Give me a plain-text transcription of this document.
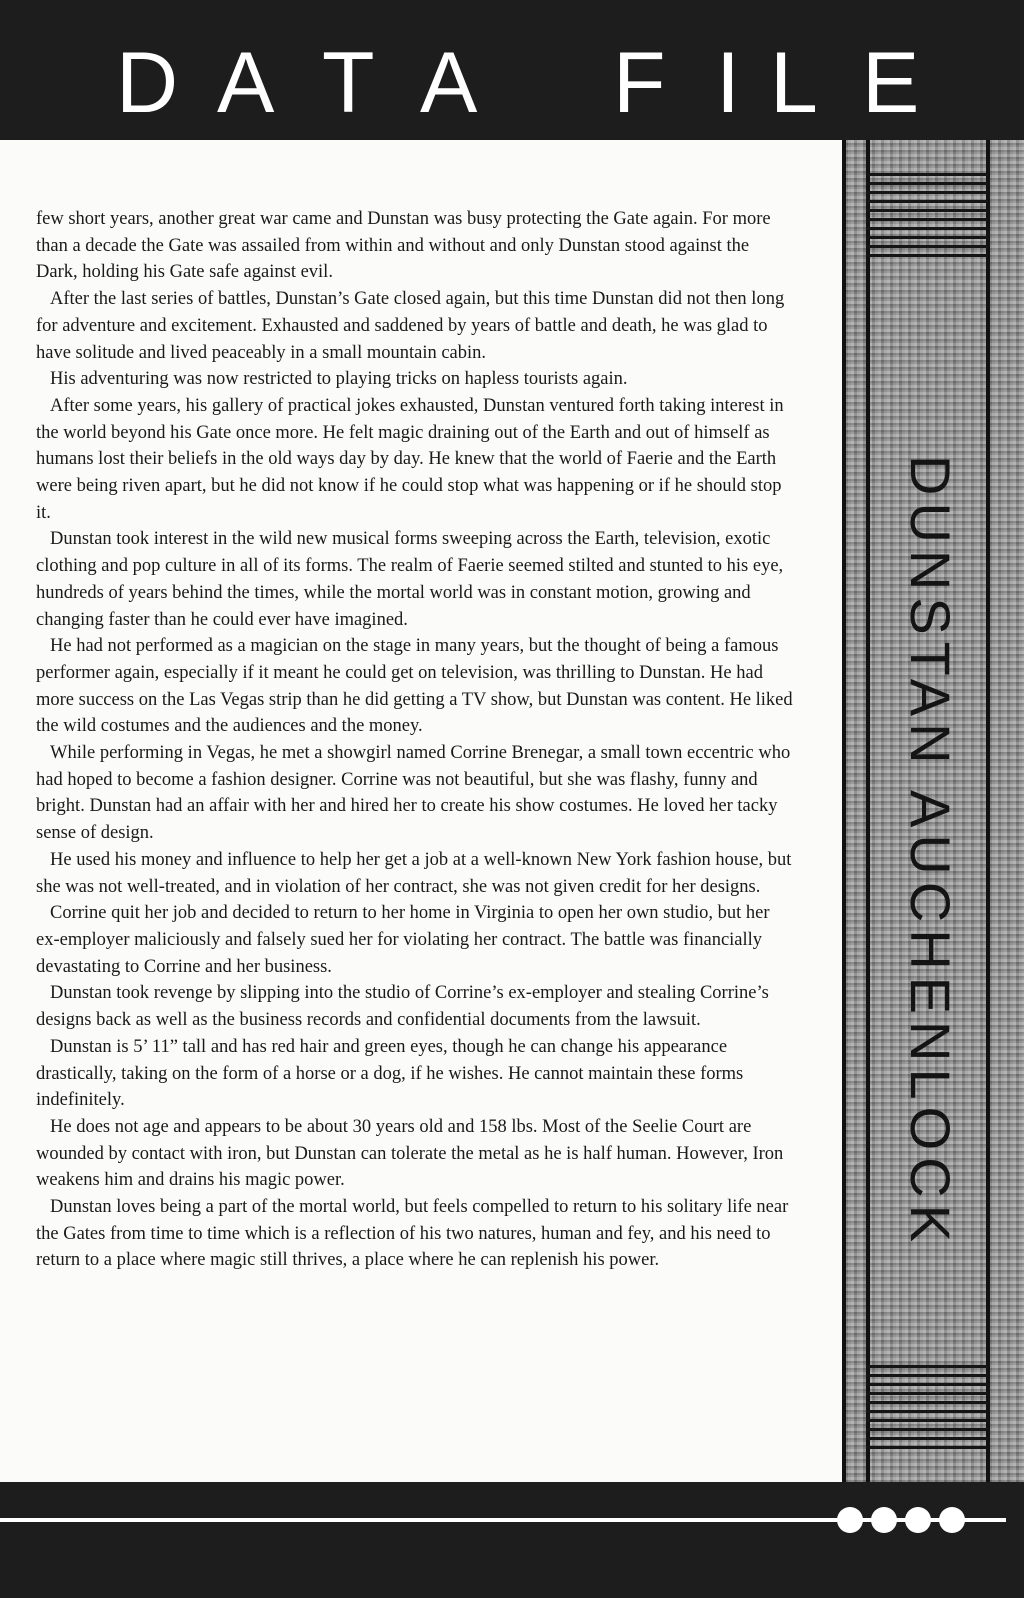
D A T A F I L E
DUNSTAN AUCHENLOCK

few short years, another great war came and Dunstan was busy protecting the Gate again. For more than a decade the Gate was assailed from within and without and only Dunstan stood against the Dark, holding his Gate safe against evil.

After the last series of battles, Dunstan’s Gate closed again, but this time Dunstan did not then long for adventure and excitement. Exhausted and saddened by years of battle and death, he was glad to have solitude and lived peaceably in a small mountain cabin.

His adventuring was now restricted to playing tricks on hapless tourists again.

After some years, his gallery of practical jokes exhausted, Dunstan ventured forth taking interest in the world beyond his Gate once more. He felt magic draining out of the Earth and out of himself as humans lost their beliefs in the old ways day by day. He knew that the world of Faerie and the Earth were being riven apart, but he did not know if he could stop what was happening or if he should stop it.

Dunstan took interest in the wild new musical forms sweeping across the Earth, television, exotic clothing and pop culture in all of its forms. The realm of Faerie seemed stilted and stunted to his eye, hundreds of years behind the times, while the mortal world was in constant motion, growing and changing faster than he could ever have imagined.

He had not performed as a magician on the stage in many years, but the thought of being a famous performer again, especially if it meant he could get on television, was thrilling to Dunstan. He had more success on the Las Vegas strip than he did getting a TV show, but Dunstan was content. He liked the wild costumes and the audiences and the money.

While performing in Vegas, he met a showgirl named Corrine Brenegar, a small town eccentric who had hoped to become a fashion designer. Corrine was not beautiful, but she was flashy, funny and bright. Dunstan had an affair with her and hired her to create his show costumes. He loved her tacky sense of design.

He used his money and influence to help her get a job at a well-known New York fashion house, but she was not well-treated, and in violation of her contract, she was not given credit for her designs.

Corrine quit her job and decided to return to her home in Virginia to open her own studio, but her ex-employer maliciously and falsely sued her for violating her contract. The battle was financially devastating to Corrine and her business.

Dunstan took revenge by slipping into the studio of Corrine’s ex-employer and stealing Corrine’s designs back as well as the business records and confidential documents from the lawsuit.

Dunstan is 5’ 11” tall and has red hair and green eyes, though he can change his appearance drastically, taking on the form of a horse or a dog, if he wishes. He cannot maintain these forms indefinitely.

He does not age and appears to be about 30 years old and 158 lbs. Most of the Seelie Court are wounded by contact with iron, but Dunstan can tolerate the metal as he is half human. However, Iron weakens him and drains his magic power.

Dunstan loves being a part of the mortal world, but feels compelled to return to his solitary life near the Gates from time to time which is a reflection of his two natures, human and fey, and his need to return to a place where magic still thrives, a place where he can replenish his power.
